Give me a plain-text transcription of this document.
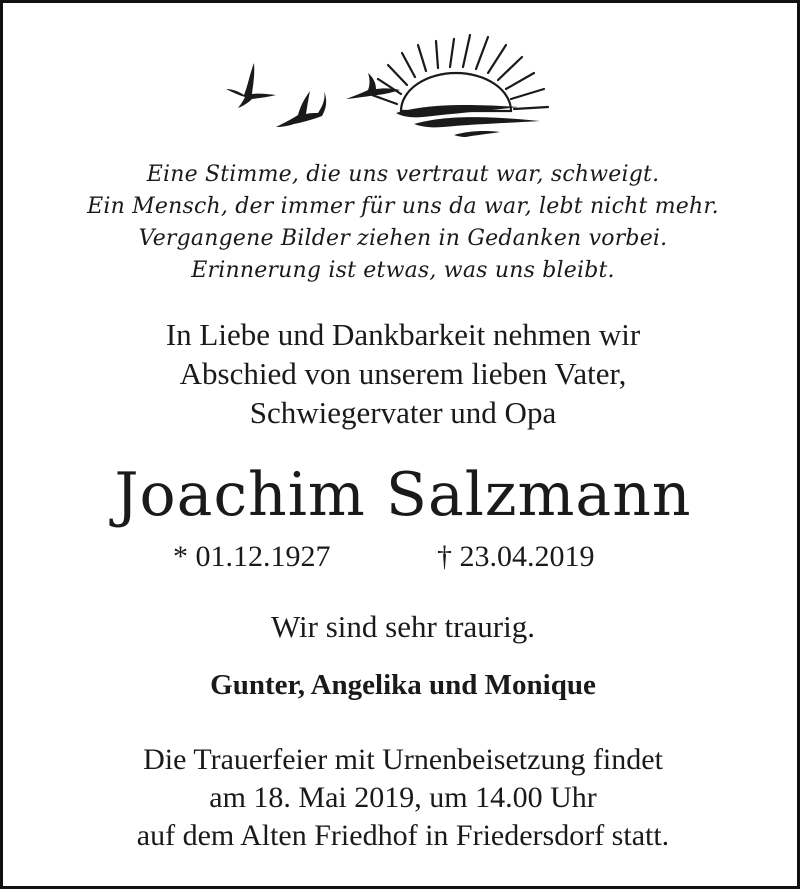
Eine Stimme, die uns vertraut war, schweigt.
Ein Mensch, der immer für uns da war, lebt nicht mehr.
Vergangene Bilder ziehen in Gedanken vorbei.
Erinnerung ist etwas, was uns bleibt.
In Liebe und Dankbarkeit nehmen wir
Abschied von unserem lieben Vater,
Schwiegervater und Opa
Joachim Salzmann
* 01.12.1927	† 23.04.2019
Wir sind sehr traurig.
Gunter, Angelika und Monique
Die Trauerfeier mit Urnenbeisetzung findet
am 18. Mai 2019, um 14.00 Uhr
auf dem Alten Friedhof in Friedersdorf statt.
